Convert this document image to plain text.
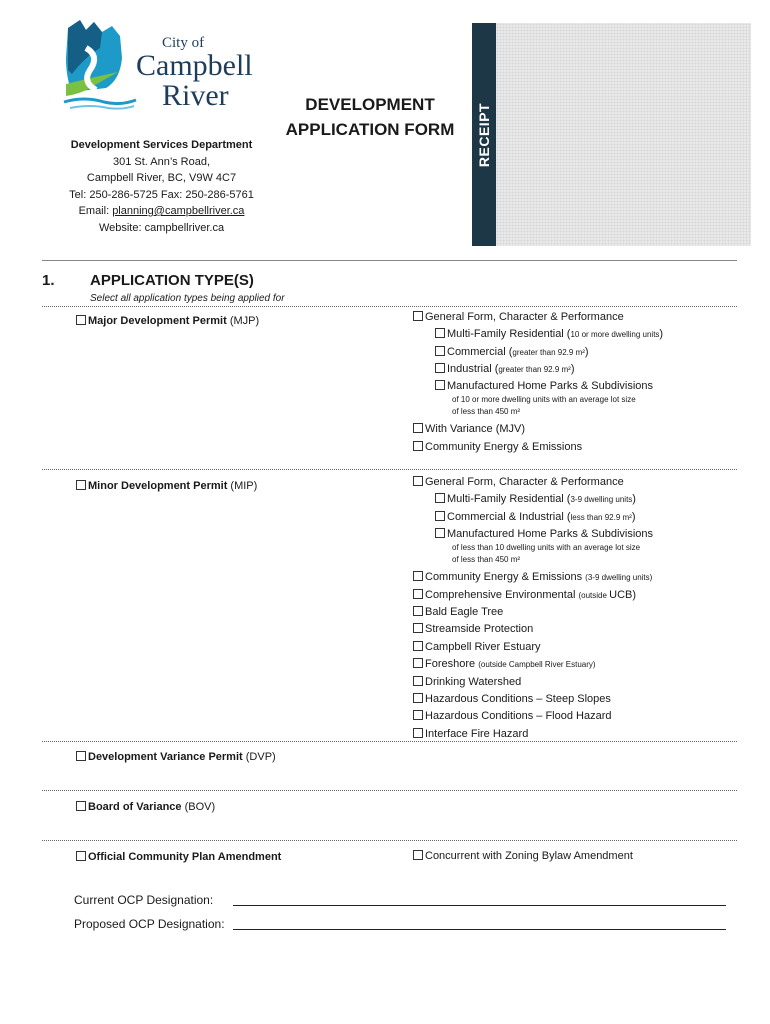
City of
Campbell
River
Development Services Department
301 St. Ann’s Road,
Campbell River, BC, V9W 4C7
Tel: 250-286-5725 Fax: 250-286-5761
Email: planning@campbellriver.ca
Website: campbellriver.ca
DEVELOPMENT
APPLICATION FORM	RECEIPT
1. APPLICATION TYPE(S)
Select all application types being applied for
Major Development Permit (MJP)	General Form, Character & Performance
Multi-Family Residential (10 or more dwelling units)
Commercial (greater than 92.9 m²)
Industrial (greater than 92.9 m²)
Manufactured Home Parks & Subdivisions
of 10 or more dwelling units with an average lot size
of less than 450 m²
With Variance (MJV)
Community Energy & Emissions
Minor Development Permit (MIP)	General Form, Character & Performance
Multi-Family Residential (3-9 dwelling units)
Commercial & Industrial (less than 92.9 m²)
Manufactured Home Parks & Subdivisions
of less than 10 dwelling units with an average lot size
of less than 450 m²
Community Energy & Emissions (3-9 dwelling units)
Comprehensive Environmental (outside UCB)
Bald Eagle Tree
Streamside Protection
Campbell River Estuary
Foreshore (outside Campbell River Estuary)
Drinking Watershed
Hazardous Conditions – Steep Slopes
Hazardous Conditions – Flood Hazard
Interface Fire Hazard
Development Variance Permit (DVP)
Board of Variance (BOV)
Official Community Plan Amendment	Concurrent with Zoning Bylaw Amendment
Current OCP Designation:
Proposed OCP Designation:
